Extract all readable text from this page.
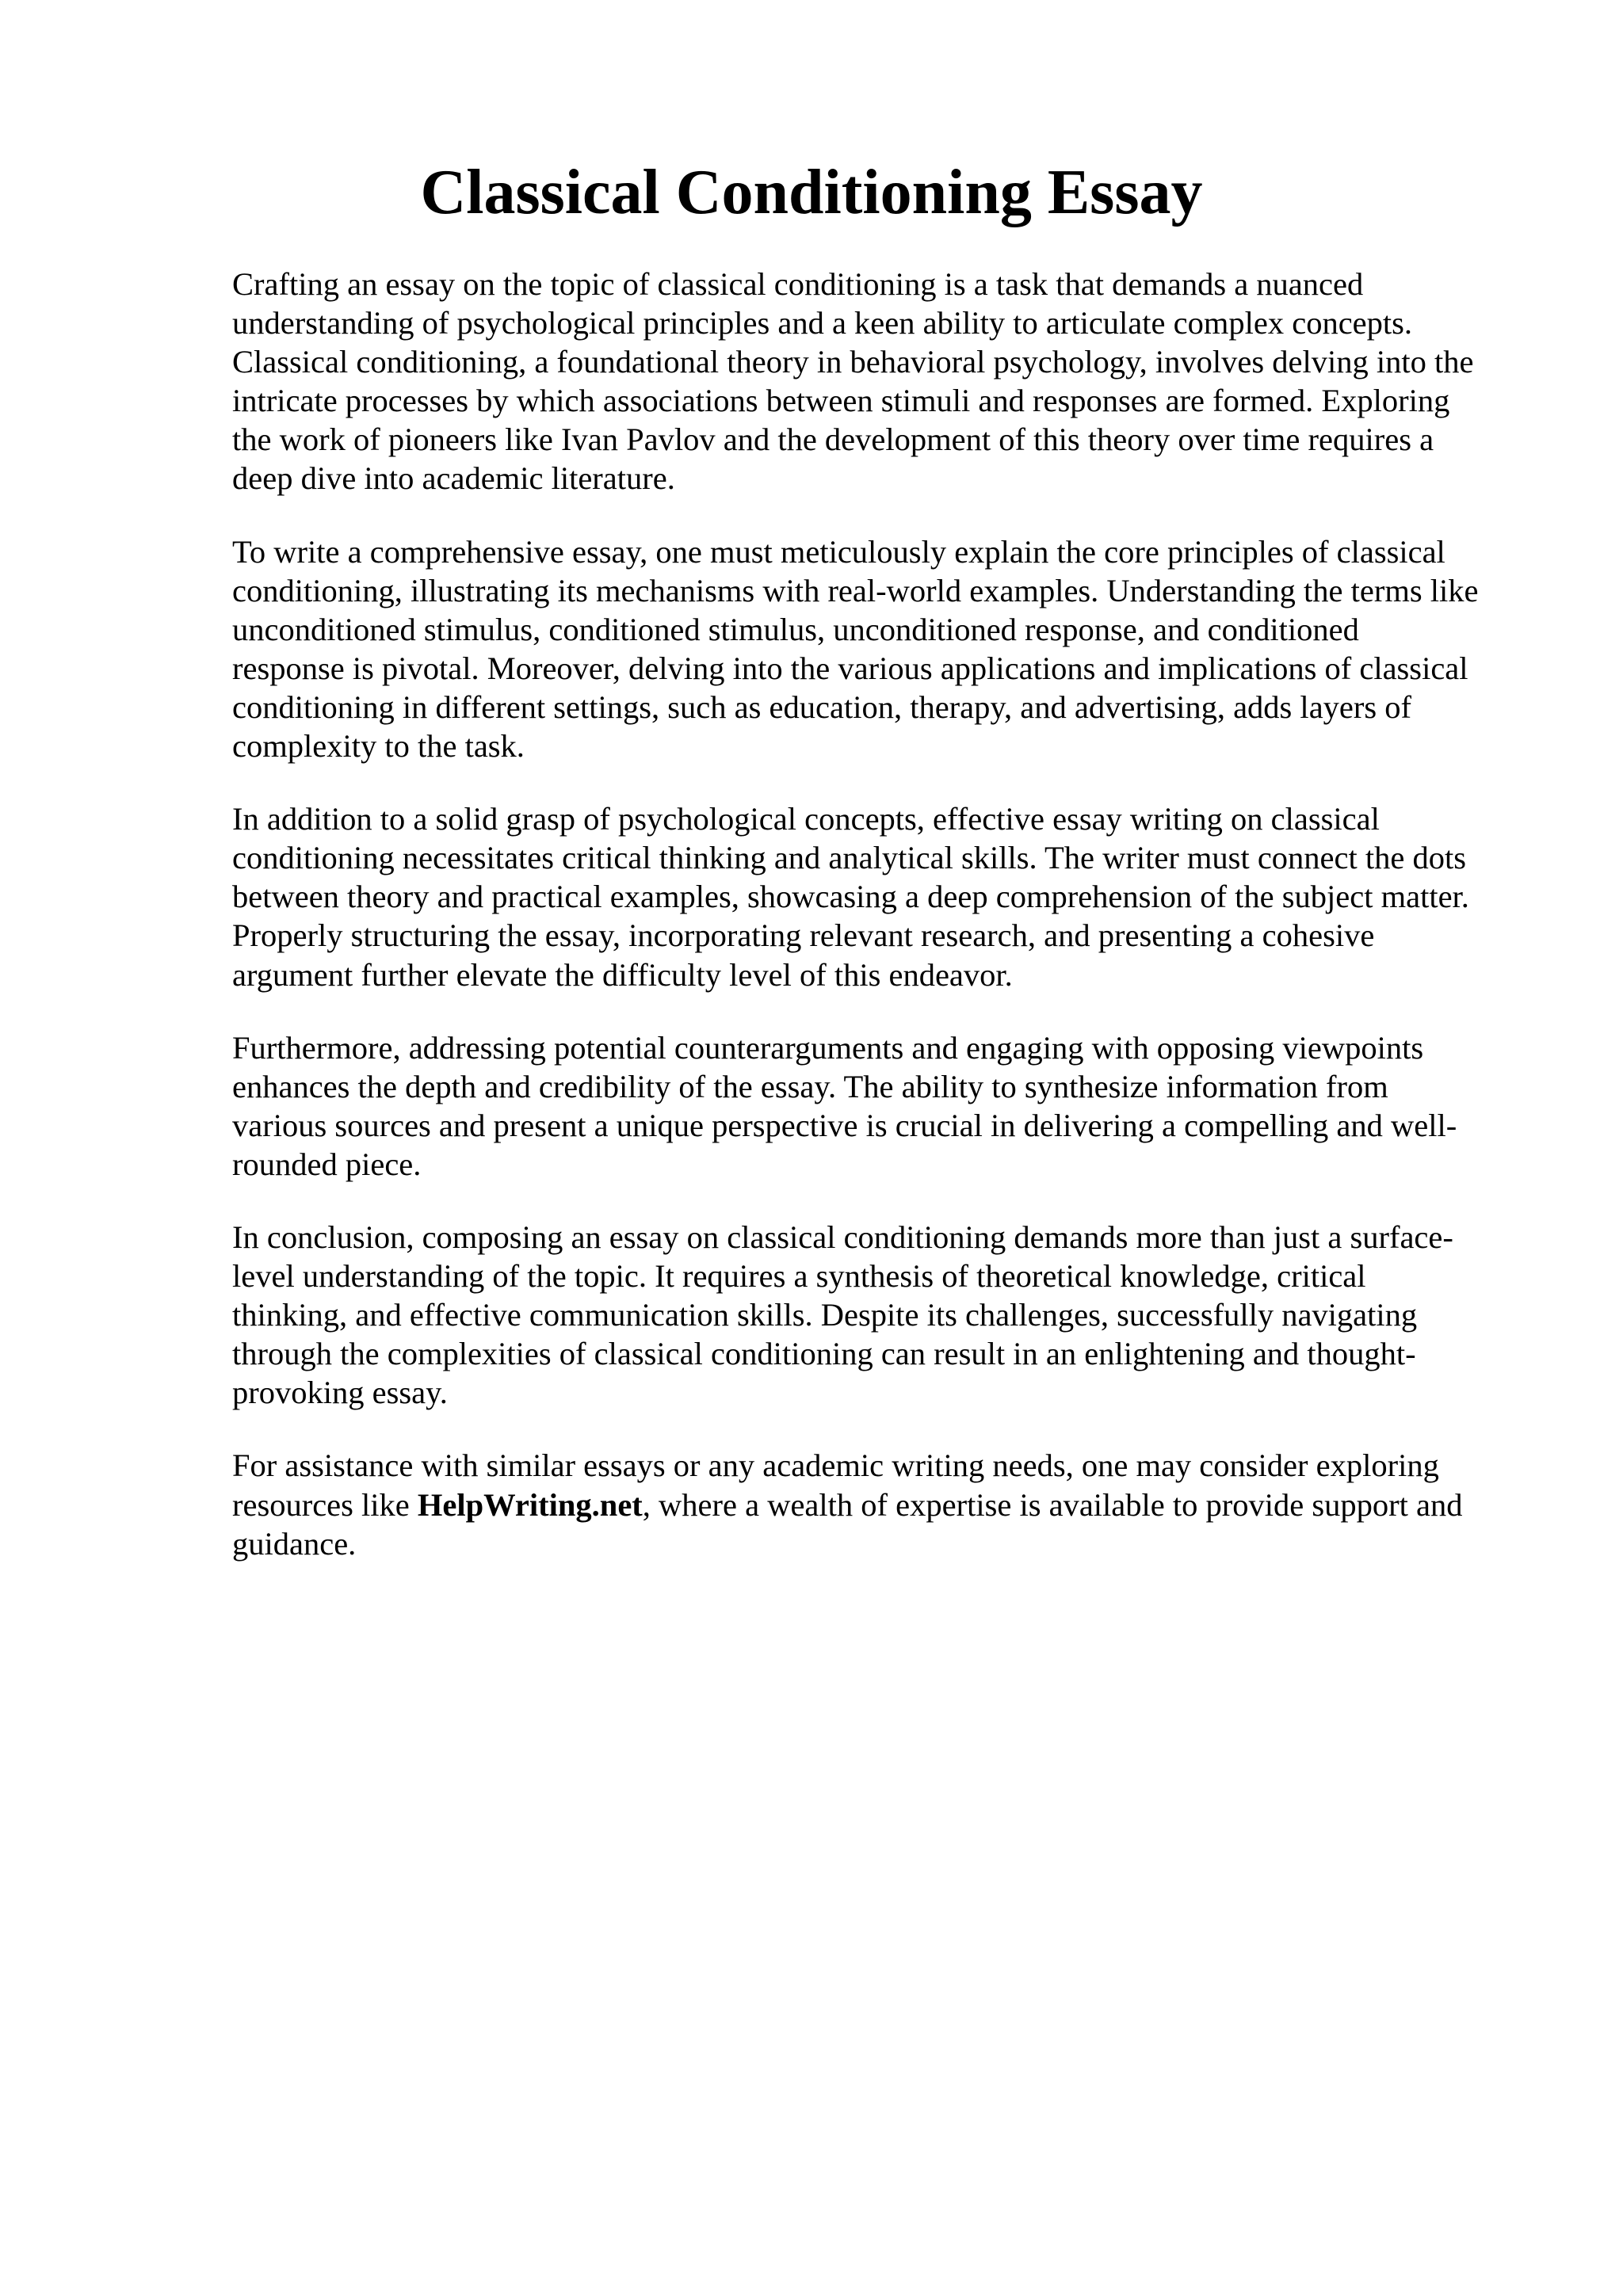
Classical Conditioning Essay

Crafting an essay on the topic of classical conditioning is a task that demands a nuanced
understanding of psychological principles and a keen ability to articulate complex concepts.
Classical conditioning, a foundational theory in behavioral psychology, involves delving into the
intricate processes by which associations between stimuli and responses are formed. Exploring
the work of pioneers like Ivan Pavlov and the development of this theory over time requires a
deep dive into academic literature.

To write a comprehensive essay, one must meticulously explain the core principles of classical
conditioning, illustrating its mechanisms with real-world examples. Understanding the terms like
unconditioned stimulus, conditioned stimulus, unconditioned response, and conditioned
response is pivotal. Moreover, delving into the various applications and implications of classical
conditioning in different settings, such as education, therapy, and advertising, adds layers of
complexity to the task.

In addition to a solid grasp of psychological concepts, effective essay writing on classical
conditioning necessitates critical thinking and analytical skills. The writer must connect the dots
between theory and practical examples, showcasing a deep comprehension of the subject matter.
Properly structuring the essay, incorporating relevant research, and presenting a cohesive
argument further elevate the difficulty level of this endeavor.

Furthermore, addressing potential counterarguments and engaging with opposing viewpoints
enhances the depth and credibility of the essay. The ability to synthesize information from
various sources and present a unique perspective is crucial in delivering a compelling and well-
rounded piece.

In conclusion, composing an essay on classical conditioning demands more than just a surface-
level understanding of the topic. It requires a synthesis of theoretical knowledge, critical
thinking, and effective communication skills. Despite its challenges, successfully navigating
through the complexities of classical conditioning can result in an enlightening and thought-
provoking essay.

For assistance with similar essays or any academic writing needs, one may consider exploring
resources like HelpWriting.net, where a wealth of expertise is available to provide support and
guidance.
